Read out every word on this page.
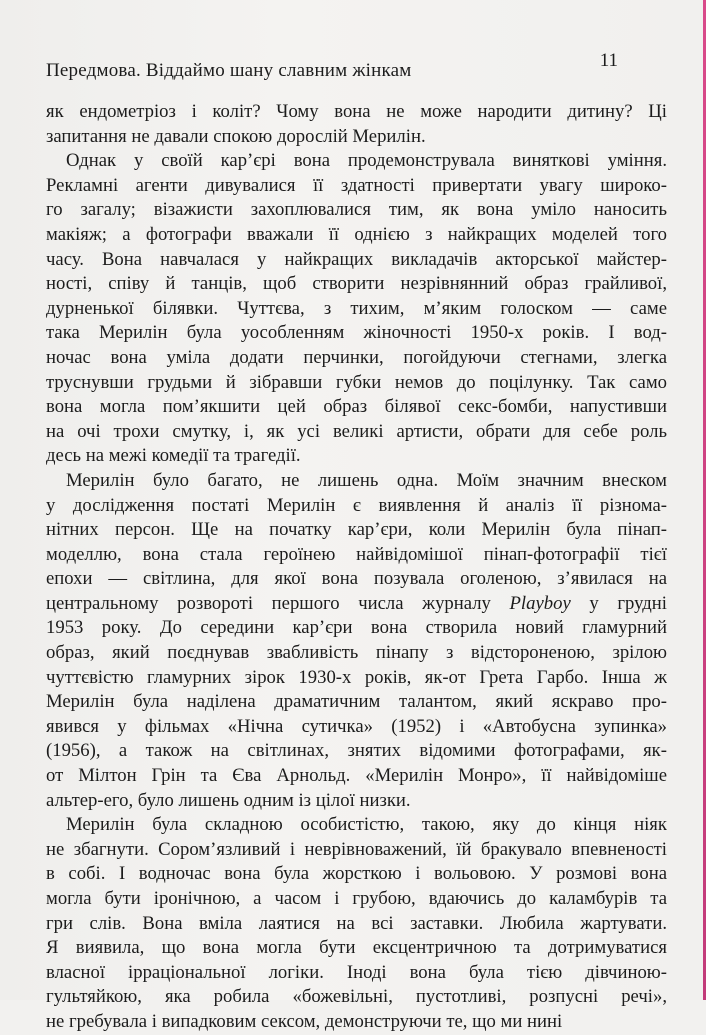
Передмова. Віддаймо шану славним жінкам	11
як ендометріоз і коліт? Чому вона не може народити дитину? Ці
запитання не давали спокою дорослій Мерилін.
Однак у своїй кар’єрі вона продемонструвала виняткові уміння.
Рекламні агенти дивувалися її здатності привертати увагу широко-
го загалу; візажисти захоплювалися тим, як вона уміло наносить
макіяж; а фотографи вважали її однією з найкращих моделей того
часу. Вона навчалася у найкращих викладачів акторської майстер-
ності, співу й танців, щоб створити незрівнянний образ грайливої,
дурненької білявки. Чуттєва, з тихим, м’яким голоском — саме
така Мерилін була уособленням жіночності 1950-х років. І вод-
ночас вона уміла додати перчинки, погойдуючи стегнами, злегка
труснувши грудьми й зібравши губки немов до поцілунку. Так само
вона могла пом’якшити цей образ білявої секс-бомби, напустивши
на очі трохи смутку, і, як усі великі артисти, обрати для себе роль
десь на межі комедії та трагедії.
Мерилін було багато, не лишень одна. Моїм значним внеском
у дослідження постаті Мерилін є виявлення й аналіз її різнома-
нітних персон. Ще на початку кар’єри, коли Мерилін була пінап-
моделлю, вона стала героїнею найвідомішої пінап-фотографії тієї
епохи — світлина, для якої вона позувала оголеною, з’явилася на
центральному розвороті першого числа журналу Playboy у грудні
1953 року. До середини кар’єри вона створила новий гламурний
образ, який поєднував звабливість пінапу з відстороненою, зрілою
чуттєвістю гламурних зірок 1930-х років, як-от Грета Гарбо. Інша ж
Мерилін була наділена драматичним талантом, який яскраво про-
явився у фільмах «Нічна сутичка» (1952) і «Автобусна зупинка»
(1956), а також на світлинах, знятих відомими фотографами, як-
от Мілтон Грін та Єва Арнольд. «Мерилін Монро», її найвідоміше
альтер-его, було лишень одним із цілої низки.
Мерилін була складною особистістю, такою, яку до кінця ніяк
не збагнути. Сором’язливий і неврівноважений, їй бракувало впевненості
в собі. І водночас вона була жорсткою і вольовою. У розмові вона
могла бути іронічною, а часом і грубою, вдаючись до каламбурів та
гри слів. Вона вміла лаятися на всі заставки. Любила жартувати.
Я виявила, що вона могла бути ексцентричною та дотримуватися
власної ірраціональної логіки. Іноді вона була тією дівчиною-
гультяйкою, яка робила «божевільні, пустотливі, розпусні речі»,
не гребувала і випадковим сексом, демонструючи те, що ми нині
